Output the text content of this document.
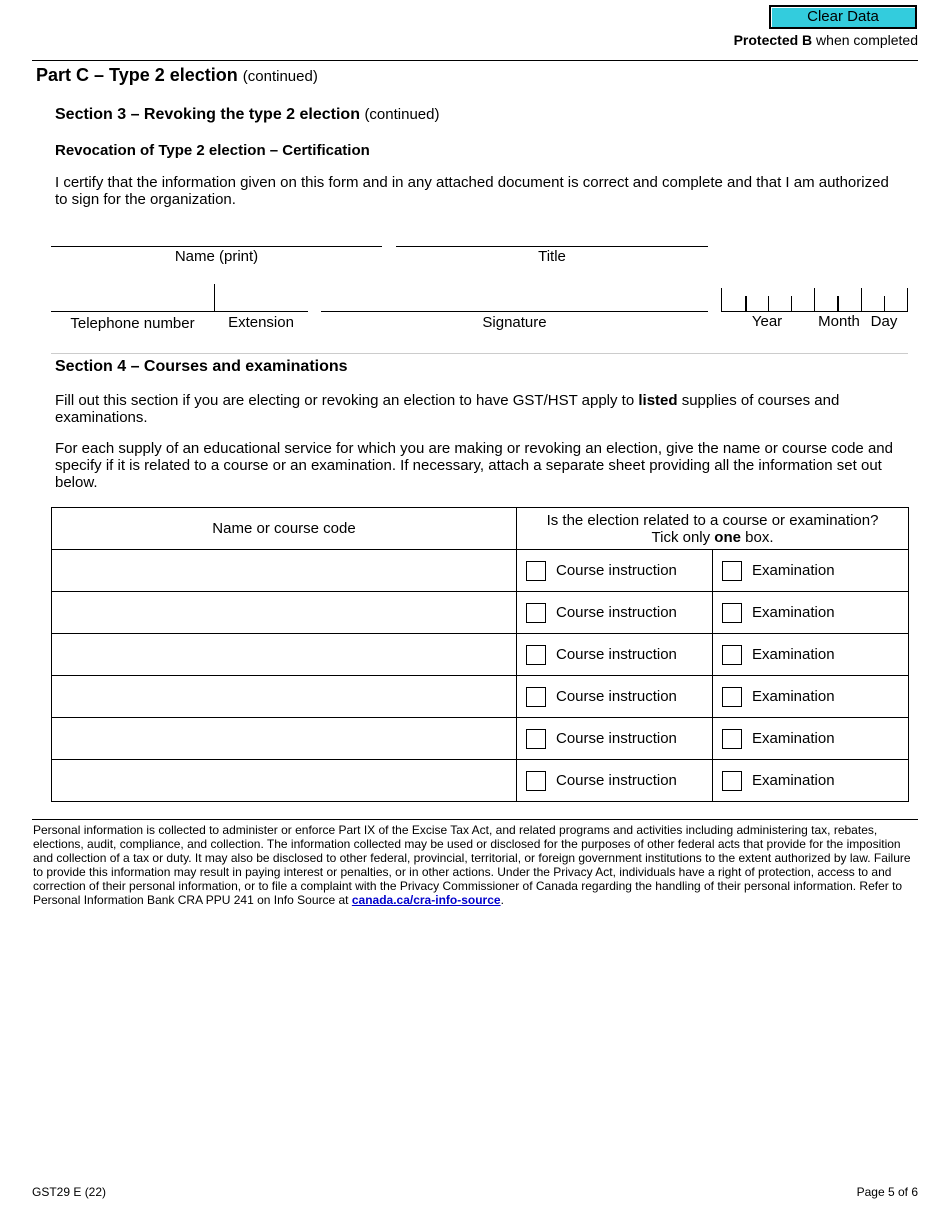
Clear Data
Protected B when completed
Part C – Type 2 election (continued)
Section 3 – Revoking the type 2 election (continued)
Revocation of Type 2 election – Certification
I certify that the information given on this form and in any attached document is correct and complete and that I am authorized to sign for the organization.
Name (print)	Title
Telephone number	Extension	Signature	Year	Month Day
Section 4 – Courses and examinations
Fill out this section if you are electing or revoking an election to have GST/HST apply to listed supplies of courses and examinations.
For each supply of an educational service for which you are making or revoking an election, give the name or course code and specify if it is related to a course or an examination. If necessary, attach a separate sheet providing all the information set out below.
Name or course code	Is the election related to a course or examination?
Tick only one box.	

	Course instruction	Examination

	Course instruction	Examination

	Course instruction	Examination

	Course instruction	Examination

	Course instruction	Examination

	Course instruction	Examination
Personal information is collected to administer or enforce Part IX of the Excise Tax Act, and related programs and activities including administering tax, rebates, elections, audit, compliance, and collection. The information collected may be used or disclosed for the purposes of other federal acts that provide for the imposition and collection of a tax or duty. It may also be disclosed to other federal, provincial, territorial, or foreign government institutions to the extent authorized by law. Failure to provide this information may result in paying interest or penalties, or in other actions. Under the Privacy Act, individuals have a right of protection, access to and correction of their personal information, or to file a complaint with the Privacy Commissioner of Canada regarding the handling of their personal information. Refer to Personal Information Bank CRA PPU 241 on Info Source at canada.ca/cra-info-source.
GST29 E (22)	Page 5 of 6
